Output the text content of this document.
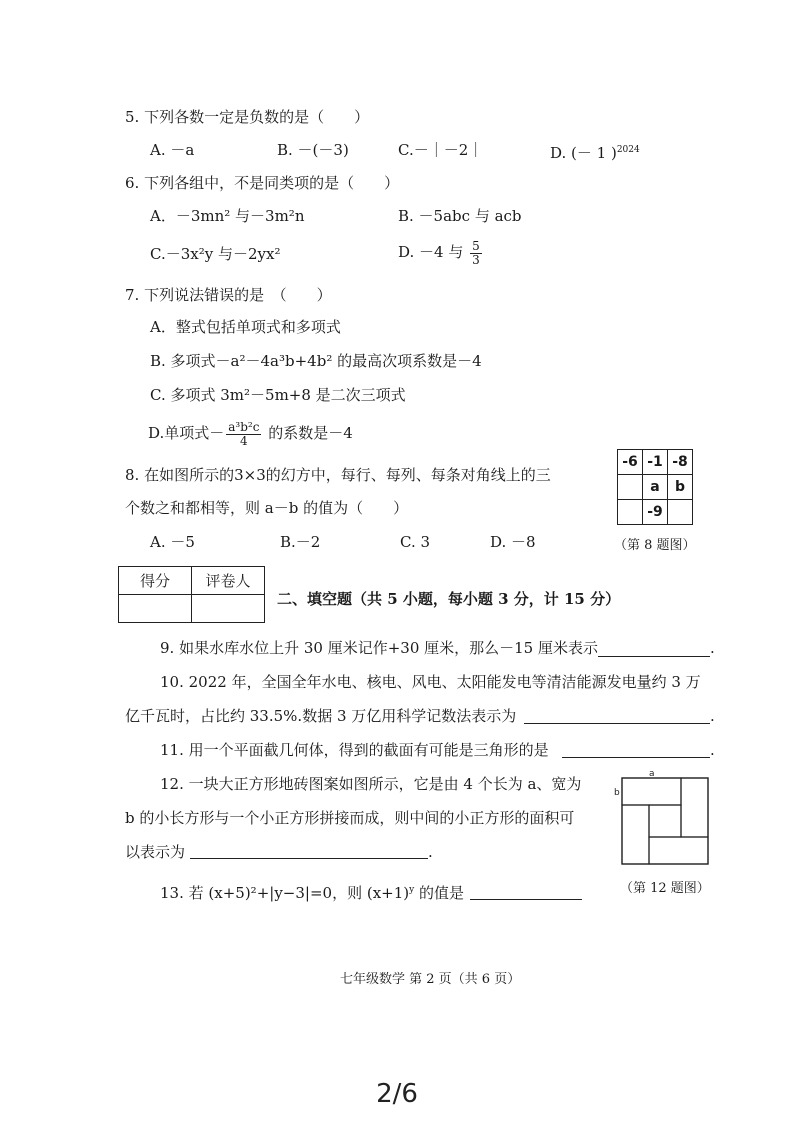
5. 下列各数一定是负数的是（　　）
A. －a	B. －(－3)	C.－｜－2｜	D. (－ 1 )$^{2024}$
6. 下列各组中，不是同类项的是（　　）
A．－3mn² 与－3m²n	B. －5abc 与 acb
C.－3x²y 与－2yx²	D. －4 与 $\frac{5}{3}$
7. 下列说法错误的是　（　　）
A．整式包括单项式和多项式
B. 多项式－a²－4a³b+4b² 的最高次项系数是－4
C. 多项式 3m²－5m+8 是二次三项式
D.单项式－ $\frac{\text{a³b²c}}{4}$ 的系数是－4
8. 在如图所示的3×3的幻方中，每行、每列、每条对角线上的三
个数之和都相等，则 a－b 的值为（　　）
A. －5	B.－2	C. 3	D. －8
-6	-1	-8
	a	b
	-9	
（第 8 题图）
得分	评卷人

二、填空题（共 5 小题，每小题 3 分，计 15 分）
9. 如果水库水位上升 30 厘米记作+30 厘米，那么－15 厘米表示	.
10. 2022 年，全国全年水电、核电、风电、太阳能发电等清洁能源发电量约 3 万
亿千瓦时，占比约 33.5%.数据 3 万亿用科学记数法表示为	.
11. 用一个平面截几何体，得到的截面有可能是三角形的是	.
12. 一块大正方形地砖图案如图所示，它是由 4 个长为 a、宽为
b 的小长方形与一个小正方形拼接而成，则中间的小正方形的面积可
以表示为	.
a
b
（第 12 题图）
13. 若 (x+5)²+|y−3|=0，则 $(x+1)^y$ 的值是
七年级数学 第 2 页（共 6 页）
2/6
